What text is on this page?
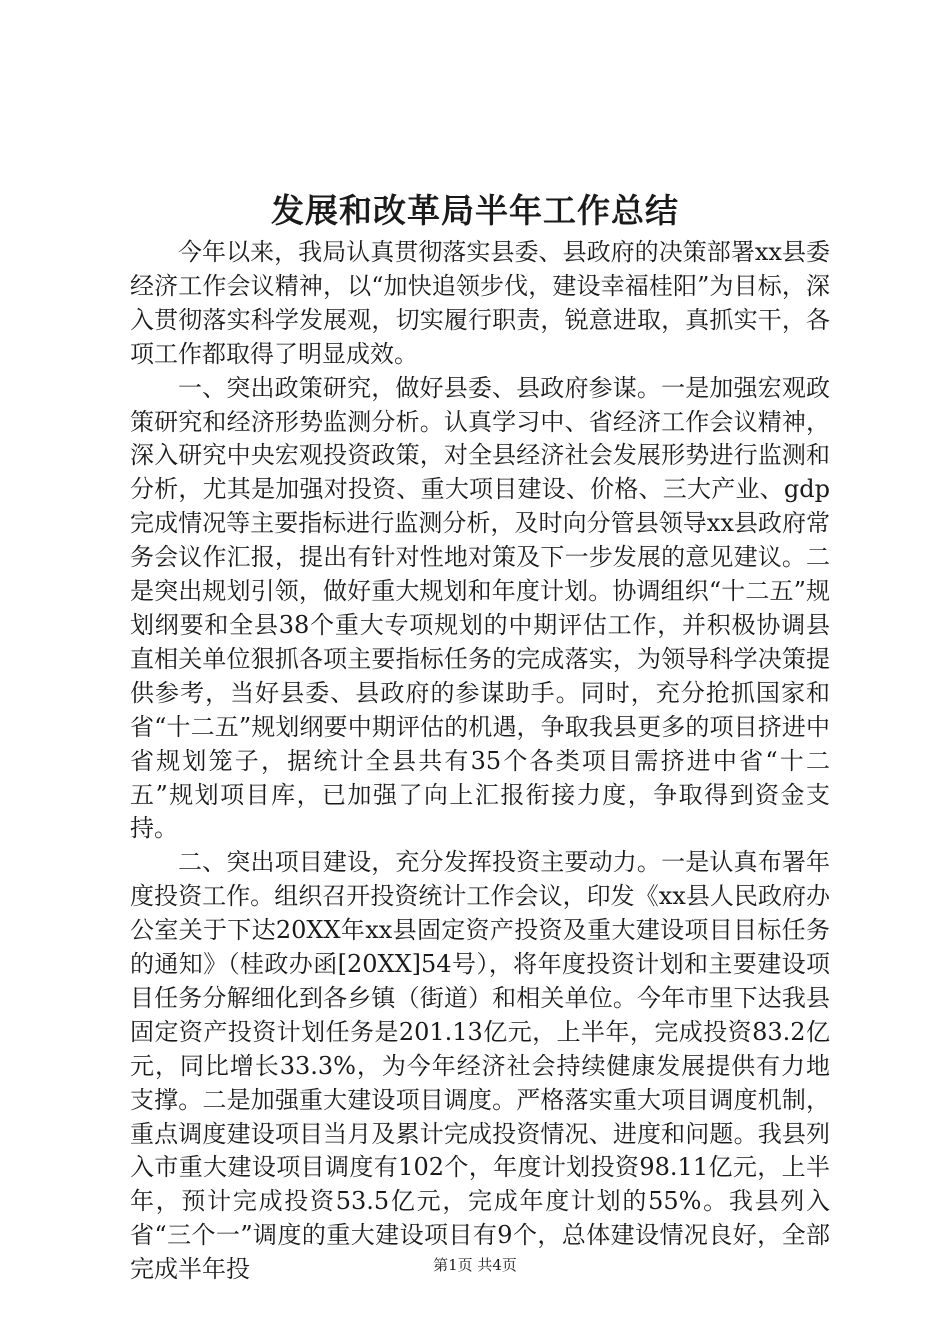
发展和改革局半年工作总结

今年以来，我局认真贯彻落实县委、县政府的决策部署xx县委经济工作会议精神，以“加快追领步伐，建设幸福桂阳”为目标，深入贯彻落实科学发展观，切实履行职责，锐意进取，真抓实干，各项工作都取得了明显成效。

一、突出政策研究，做好县委、县政府参谋。一是加强宏观政策研究和经济形势监测分析。认真学习中、省经济工作会议精神，深入研究中央宏观投资政策，对全县经济社会发展形势进行监测和分析，尤其是加强对投资、重大项目建设、价格、三大产业、gdp完成情况等主要指标进行监测分析，及时向分管县领导xx县政府常务会议作汇报，提出有针对性地对策及下一步发展的意见建议。二是突出规划引领，做好重大规划和年度计划。协调组织“十二五”规划纲要和全县38个重大专项规划的中期评估工作，并积极协调县直相关单位狠抓各项主要指标任务的完成落实，为领导科学决策提供参考，当好县委、县政府的参谋助手。同时，充分抢抓国家和省“十二五”规划纲要中期评估的机遇，争取我县更多的项目挤进中省规划笼子，据统计全县共有35个各类项目需挤进中省“十二五”规划项目库，已加强了向上汇报衔接力度，争取得到资金支持。

二、突出项目建设，充分发挥投资主要动力。一是认真布署年度投资工作。组织召开投资统计工作会议，印发《xx县人民政府办公室关于下达20XX年xx县固定资产投资及重大建设项目目标任务的通知》（桂政办函[20XX]54号），将年度投资计划和主要建设项目任务分解细化到各乡镇（街道）和相关单位。今年市里下达我县固定资产投资计划任务是201.13亿元，上半年，完成投资83.2亿元，同比增长33.3%，为今年经济社会持续健康发展提供有力地支撑。二是加强重大建设项目调度。严格落实重大项目调度机制，重点调度建设项目当月及累计完成投资情况、进度和问题。我县列入市重大建设项目调度有102个，年度计划投资98.11亿元，上半年，预计完成投资53.5亿元，完成年度计划的55%。我县列入省“三个一”调度的重大建设项目有9个，总体建设情况良好，全部完成半年投	第1页 共4页
